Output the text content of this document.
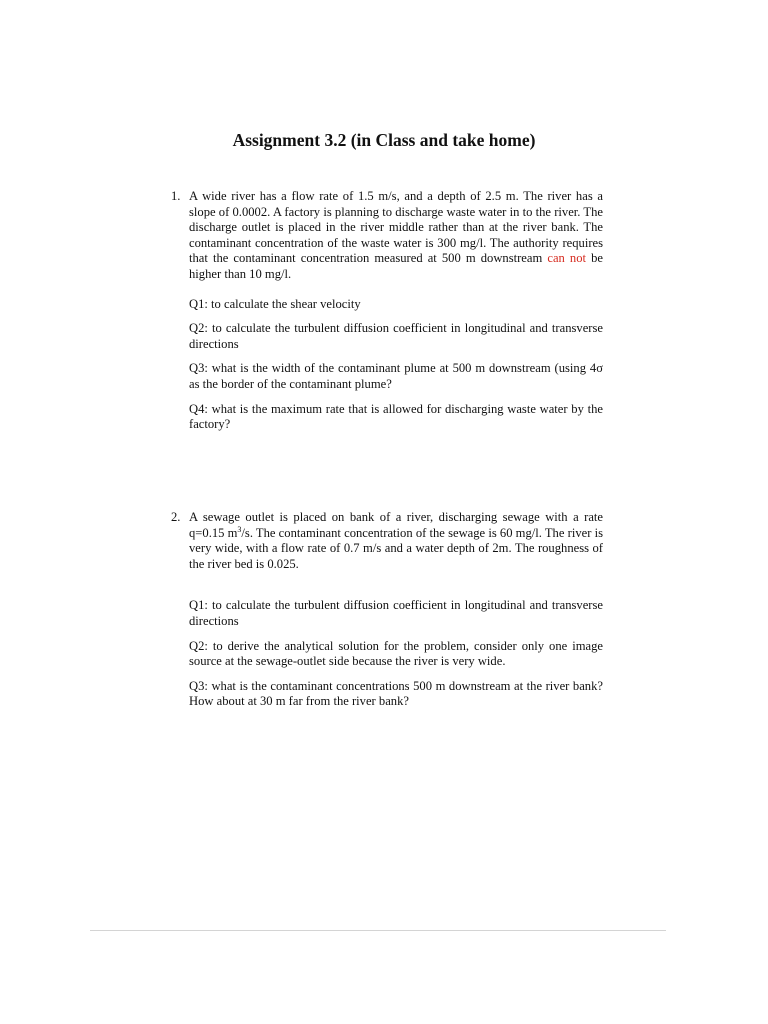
Assignment 3.2 (in Class and take home)
1. A wide river has a flow rate of 1.5 m/s, and a depth of 2.5 m. The river has a slope of 0.0002. A factory is planning to discharge waste water in to the river. The discharge outlet is placed in the river middle rather than at the river bank. The contaminant concentration of the waste water is 300 mg/l. The authority requires that the contaminant concentration measured at 500 m downstream can not be higher than 10 mg/l.

Q1: to calculate the shear velocity

Q2: to calculate the turbulent diffusion coefficient in longitudinal and transverse directions

Q3: what is the width of the contaminant plume at 500 m downstream (using 4σ as the border of the contaminant plume?

Q4: what is the maximum rate that is allowed for discharging waste water by the factory?

2. A sewage outlet is placed on bank of a river, discharging sewage with a rate q=0.15 $m^3/s$. The contaminant concentration of the sewage is 60 mg/l. The river is very wide, with a flow rate of 0.7 m/s and a water depth of 2m. The roughness of the river bed is 0.025.

Q1: to calculate the turbulent diffusion coefficient in longitudinal and transverse directions

Q2: to derive the analytical solution for the problem, consider only one image source at the sewage-outlet side because the river is very wide.

Q3: what is the contaminant concentrations 500 m downstream at the river bank? How about at 30 m far from the river bank?
